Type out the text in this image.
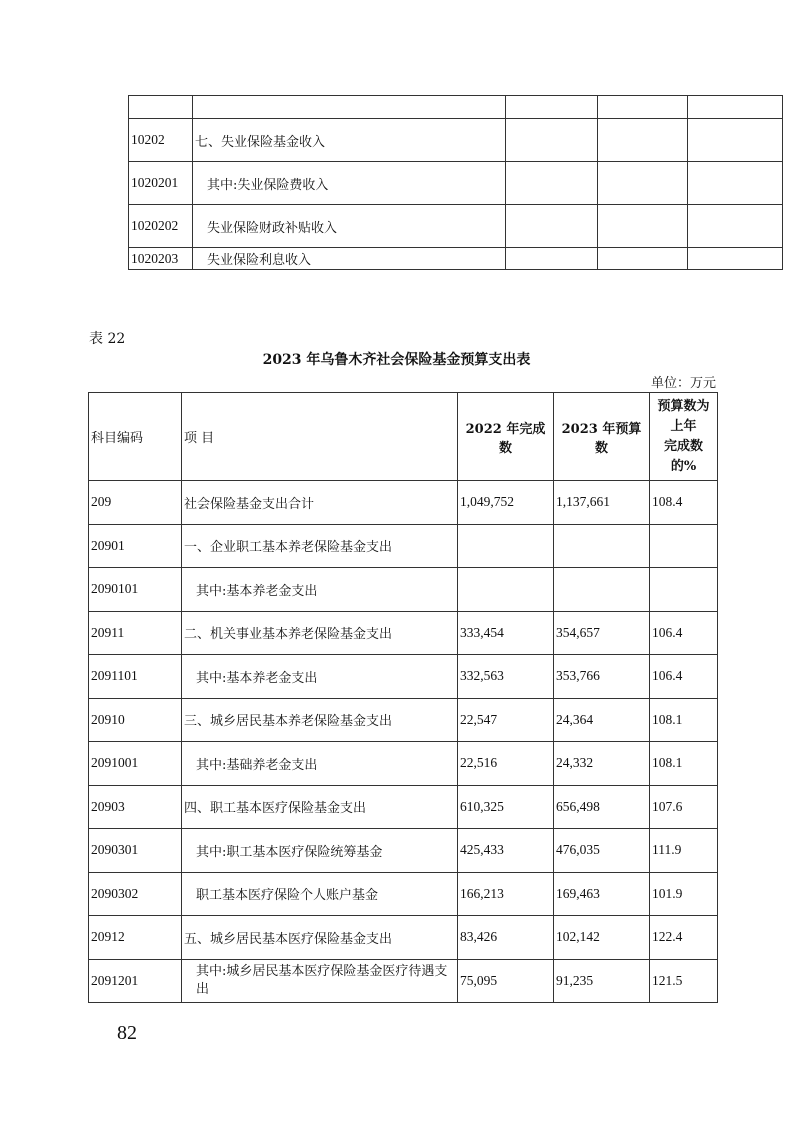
10202	七、失业保险基金收入			
1020201	其中:失业保险费收入			
1020202	失业保险财政补贴收入			
1020203	失业保险利息收入			
表 22
2023 年乌鲁木齐社会保险基金预算支出表
单位：万元
科目编码	项 目	2022 年完成数	2023 年预算数	预算数为
上年
完成数
的%

209	社会保险基金支出合计	1,049,752	1,137,661	108.4
20901	一、企业职工基本养老保险基金支出			
2090101	其中:基本养老金支出			
20911	二、机关事业基本养老保险基金支出	333,454	354,657	106.4
2091101	其中:基本养老金支出	332,563	353,766	106.4
20910	三、城乡居民基本养老保险基金支出	22,547	24,364	108.1
2091001	其中:基础养老金支出	22,516	24,332	108.1
20903	四、职工基本医疗保险基金支出	610,325	656,498	107.6
2090301	其中:职工基本医疗保险统筹基金	425,433	476,035	111.9
2090302	职工基本医疗保险个人账户基金	166,213	169,463	101.9
20912	五、城乡居民基本医疗保险基金支出	83,426	102,142	122.4
2091201	其中:城乡居民基本医疗保险基金医疗待遇支出	75,095	91,235	121.5
82
